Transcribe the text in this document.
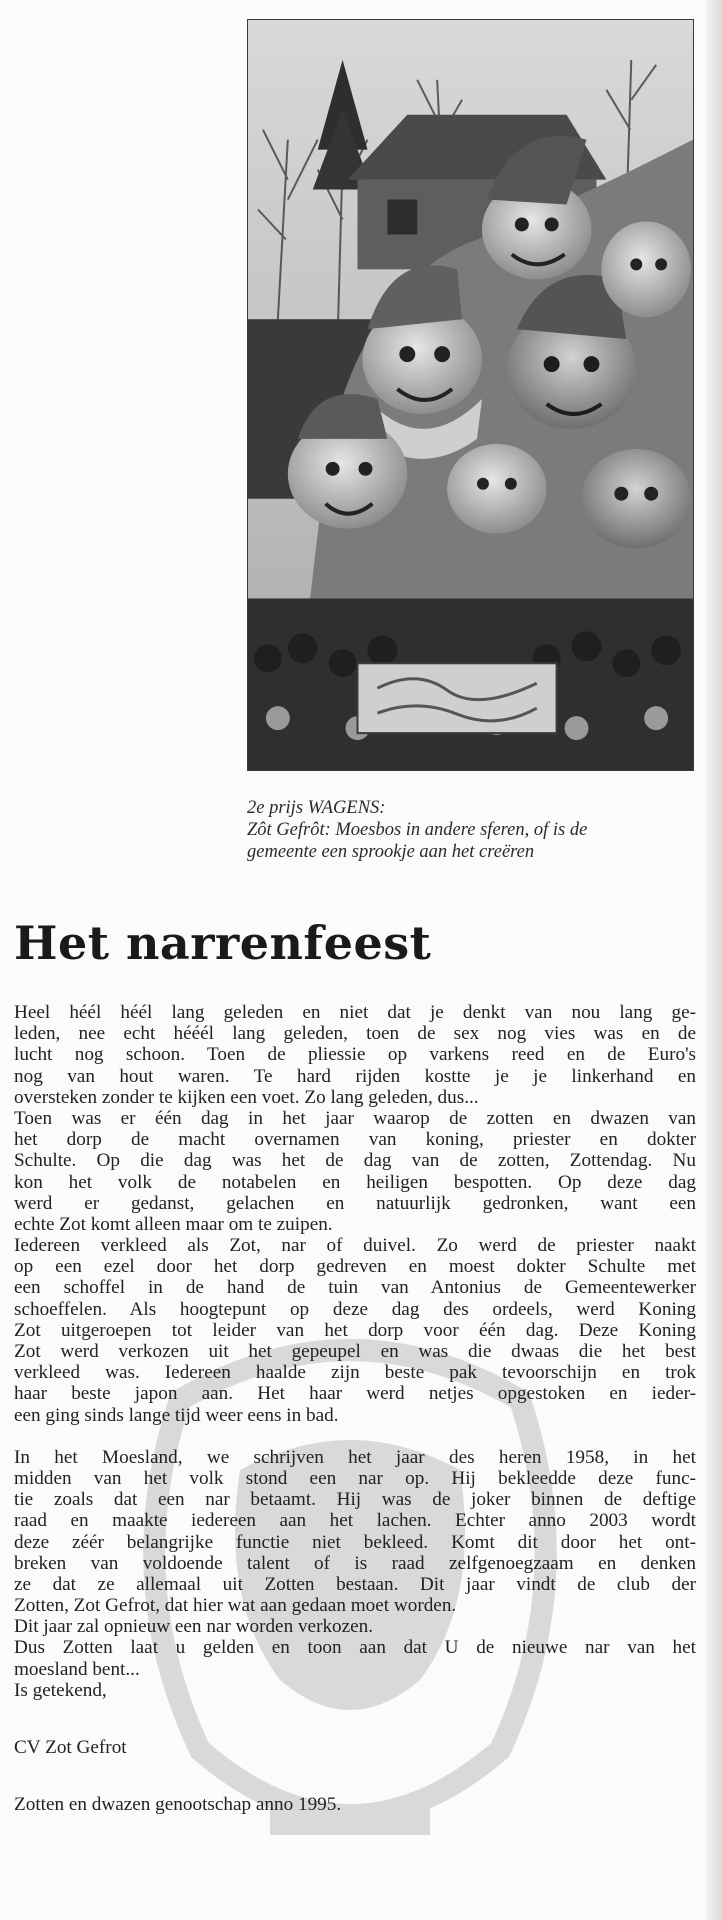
2e prijs WAGENS:
Zôt Gefrôt: Moesbos in andere sferen, of is de
gemeente een sprookje aan het creëren
Het narrenfeest
Heel héél héél lang geleden en niet dat je denkt van nou lang ge-
leden, nee echt hééél lang geleden, toen de sex nog vies was en de
lucht nog schoon. Toen de pliessie op varkens reed en de Euro's
nog van hout waren. Te hard rijden kostte je je linkerhand en
oversteken zonder te kijken een voet. Zo lang geleden, dus...
Toen was er één dag in het jaar waarop de zotten en dwazen van
het dorp de macht overnamen van koning, priester en dokter
Schulte. Op die dag was het de dag van de zotten, Zottendag. Nu
kon het volk de notabelen en heiligen bespotten. Op deze dag
werd er gedanst, gelachen en natuurlijk gedronken, want een
echte Zot komt alleen maar om te zuipen.
Iedereen verkleed als Zot, nar of duivel. Zo werd de priester naakt
op een ezel door het dorp gedreven en moest dokter Schulte met
een schoffel in de hand de tuin van Antonius de Gemeentewerker
schoeffelen. Als hoogtepunt op deze dag des ordeels, werd Koning
Zot uitgeroepen tot leider van het dorp voor één dag. Deze Koning
Zot werd verkozen uit het gepeupel en was die dwaas die het best
verkleed was. Iedereen haalde zijn beste pak tevoorschijn en trok
haar beste japon aan. Het haar werd netjes opgestoken en ieder-
een ging sinds lange tijd weer eens in bad.
In het Moesland, we schrijven het jaar des heren 1958, in het
midden van het volk stond een nar op. Hij bekleedde deze func-
tie zoals dat een nar betaamt. Hij was de joker binnen de deftige
raad en maakte iedereen aan het lachen. Echter anno 2003 wordt
deze zéér belangrijke functie niet bekleed. Komt dit door het ont-
breken van voldoende talent of is raad zelfgenoegzaam en denken
ze dat ze allemaal uit Zotten bestaan. Dit jaar vindt de club der
Zotten, Zot Gefrot, dat hier wat aan gedaan moet worden.
Dit jaar zal opnieuw een nar worden verkozen.
Dus Zotten laat u gelden en toon aan dat U de nieuwe nar van het
moesland bent...
Is getekend,
CV Zot Gefrot
Zotten en dwazen genootschap anno 1995.
